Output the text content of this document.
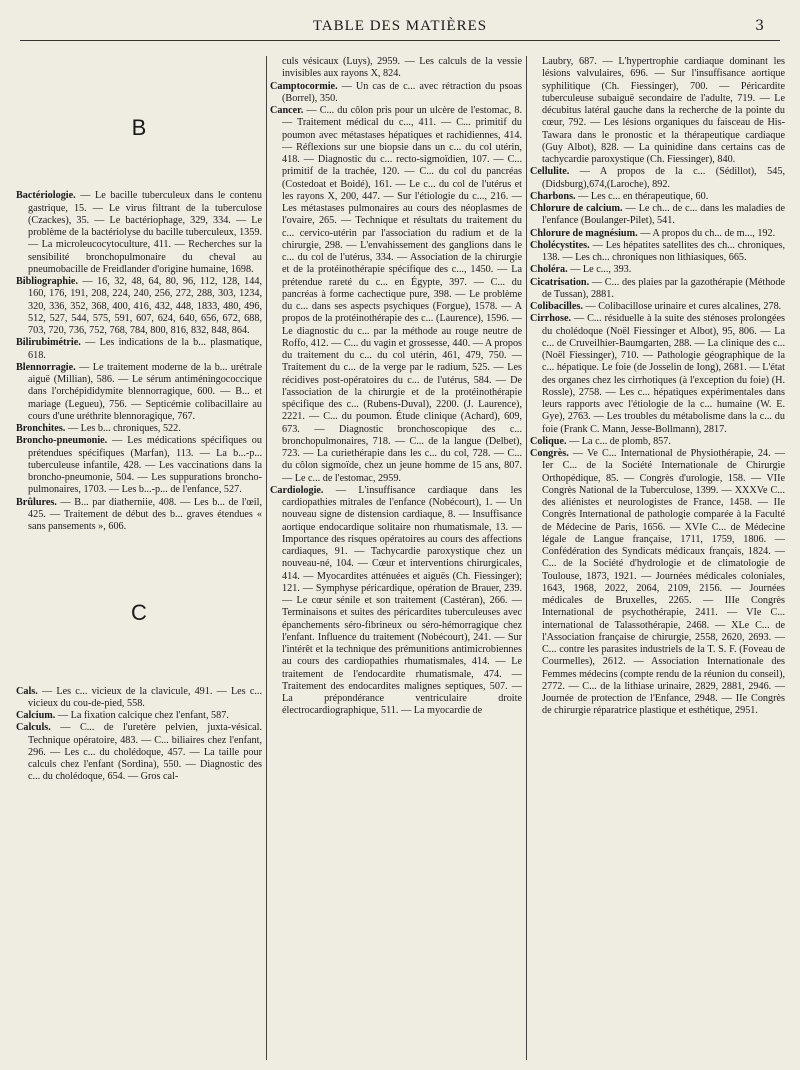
TABLE DES MATIÈRES	3
B

Bactériologie. — Le bacille tuberculeux dans le contenu gastrique, 15. — Le virus filtrant de la tuberculose (Czackes), 35. — Le bactériophage, 329, 334. — Le problème de la bactériolyse du bacille tuberculeux, 1359. — La microleucocytoculture, 411. — Recherches sur la sensibilité bronchopulmonaire du cheval au pneumobacille de Freidlander d'origine humaine, 1698.

Bibliographie. — 16, 32, 48, 64, 80, 96, 112, 128, 144, 160, 176, 191, 208, 224, 240, 256, 272, 288, 303, 1234, 320, 336, 352, 368, 400, 416, 432, 448, 1833, 480, 496, 512, 527, 544, 575, 591, 607, 624, 640, 656, 672, 688, 703, 720, 736, 752, 768, 784, 800, 816, 832, 848, 864.

Bilirubimétrie. — Les indications de la b... plasmatique, 618.

Blennorragie. — Le traitement moderne de la b... urétrale aiguë (Millian), 586. — Le sérum antiméningococcique dans l'orchépididymite blennorragique, 600. — B... et mariage (Legueu), 756. — Septicémie colibacillaire au cours d'une uréthrite blennoragique, 767.

Bronchites. — Les b... chroniques, 522.

Broncho-pneumonie. — Les médications spécifiques ou prétendues spécifiques (Marfan), 113. — La b...-p... tuberculeuse infantile, 428. — Les vaccinations dans la broncho-pneumonie, 504. — Les suppurations broncho-pulmonaires, 1703. — Les b...-p... de l'enfance, 527.

Brûlures. — B... par diatherniie, 408. — Les b... de l'œil, 425. — Traitement de début des b... graves étendues « sans pansements », 606.

C

Cals. — Les c... vicieux de la clavicule, 491. — Les c... vicieux du cou-de-pied, 558.

Calcium. — La fixation calcique chez l'enfant, 587.

Calculs. — C... de l'uretère pelvien, juxta-vésical. Technique opératoire, 483. — C... biliaires chez l'enfant, 296. — Les c... du cholédoque, 457. — La taille pour calculs chez l'enfant (Sordina), 550. — Diagnostic des c... du cholédoque, 654. — Gros cal-

culs vésicaux (Luys), 2959. — Les calculs de la vessie invisibles aux rayons X, 824.

Camptocormie. — Un cas de c... avec rétraction du psoas (Borrel), 350.

Cancer. — C... du côlon pris pour un ulcère de l'estomac, 8. — Traitement médical du c..., 411. — C... primitif du poumon avec métastases hépatiques et rachidiennes, 414. — Réflexions sur une biopsie dans un c... du col utérin, 418. — Diagnostic du c... recto-sigmoïdien, 107. — C... primitif de la trachée, 120. — C... du col du pancréas (Costedoat et Boidé), 161. — Le c... du col de l'utérus et les rayons X, 200, 447. — Sur l'étiologie du c..., 216. — Les métastases pulmonaires au cours des néoplasmes de l'ovaire, 265. — Technique et résultats du traitement du c... cervico-utérin par l'association du radium et de la chirurgie, 298. — L'envahissement des ganglions dans le c... du col de l'utérus, 334. — Association de la chirurgie et de la protéinothérapie spécifique des c..., 1450. — La prétendue rareté du c... en Égypte, 397. — C... du pancréas à forme cachectique pure, 398. — Le problème du c... dans ses aspects psychiques (Forgue), 1578. — A propos de la protéinothérapie des c... (Laurence), 1596. — Le diagnostic du c... par la méthode au rouge neutre de Roffo, 412. — C... du vagin et grossesse, 440. — A propos du traitement du c... du col utérin, 461, 479, 750. — Traitement du c... de la verge par le radium, 525. — Les récidives post-opératoires du c... de l'utérus, 584. — De l'association de la chirurgie et de la protéinothérapie spécifique des c... (Rubens-Duval), 2200. (J. Laurence), 2221. — C... du poumon. Étude clinique (Achard), 609, 673. — Diagnostic bronchoscopique des c... bronchopulmonaires, 718. — C... de la langue (Delbet), 723. — La curiethérapie dans les c... du col, 728. — C... du côlon sigmoïde, chez un jeune homme de 15 ans, 807. — Le c... de l'estomac, 2959.

Cardiologie. — L'insuffisance cardiaque dans les cardiopathies mitrales de l'enfance (Nobécourt), 1. — Un nouveau signe de distension cardiaque, 8. — Insuffisance aortique endocardique solitaire non rhumatismale, 13. — Importance des risques opératoires au cours des affections cardiaques, 91. — Tachycardie paroxystique chez un nouveau-né, 104. — Cœur et interventions chirurgicales, 414. — Myocardites atténuées et aiguës (Ch. Fiessinger); 121. — Symphyse péricardique, opération de Brauer, 239. — Le cœur sénile et son traitement (Castéran), 266. — Terminaisons et suites des péricardites tuberculeuses avec épanchements séro-fibrineux ou séro-hémorragique chez l'enfant. Influence du traitement (Nobécourt), 241. — Sur l'intérêt et la technique des prémunitions antimicrobiennes au cours des cardiopathies rhumatismales, 414. — Le traitement de l'endocardite rhumatismale, 474. — Traitement des endocardites malignes septiques, 507. — La prépondérance ventriculaire droite électrocardiographique, 511. — La myocardie de

Laubry, 687. — L'hypertrophie cardiaque dominant les lésions valvulaires, 696. — Sur l'insuffisance aortique syphilitique (Ch. Fiessinger), 700. — Péricardite tuberculeuse subaiguë secondaire de l'adulte, 719. — Le décubitus latéral gauche dans la recherche de la pointe du cœur, 792. — Les lésions organiques du faisceau de His-Tawara dans le pronostic et la thérapeutique cardiaque (Guy Albot), 828. — La quinidine dans certains cas de tachycardie paroxystique (Ch. Fiessinger), 840.

Cellulite. — A propos de la c... (Sédillot), 545,(Didsburg),674,(Laroche), 892.

Charbons. — Les c... en thérapeutique, 60.

Chlorure de calcium. — Le ch... de c... dans les maladies de l'enfance (Boulanger-Pilet), 541.

Chlorure de magnésium. — A propos du ch... de m..., 192.

Cholécystites. — Les hépatites satellites des ch... chroniques, 138. — Les ch... chroniques non lithiasiques, 665.

Choléra. — Le c..., 393.

Cicatrisation. — C... des plaies par la gazothérapie (Méthode de Tussan), 2881.

Colibacilles. — Colibacillose urinaire et cures alcalines, 278.

Cirrhose. — C... résiduelle à la suite des sténoses prolongées du cholédoque (Noël Fiessinger et Albot), 95, 806. — La c... de Cruveilhier-Baumgarten, 288. — La clinique des c... (Noël Fiessinger), 710. — Pathologie géographique de la c... hépatique. Le foie (de Josselin de Iong), 2681. — L'état des organes chez les cirrhotiques (à l'exception du foie) (H. Rossle), 2758. — Les c... hépatiques expérimentales dans leurs rapports avec l'étiologie de la c... humaine (W. E. Gye), 2763. — Les troubles du métabolisme dans la c... du foie (Frank C. Mann, Jesse-Bollmann), 2817.

Colique. — La c... de plomb, 857.

Congrès. — Ve C... International de Physiothérapie, 24. — Ier C... de la Société Internationale de Chirurgie Orthopédique, 85. — Congrès d'urologie, 158. — VIIe Congrès National de la Tuberculose, 1399. — XXXVe C... des aliénistes et neurologistes de France, 1458. — IIe Congrès International de pathologie comparée à la Faculté de Médecine de Paris, 1656. — XVIe C... de Médecine légale de Langue française, 1711, 1759, 1806. — Confédération des Syndicats médicaux français, 1824. — C... de la Société d'hydrologie et de climatologie de Toulouse, 1873, 1921. — Journées médicales coloniales, 1643, 1968, 2022, 2064, 2109, 2156. — Journées médicales de Bruxelles, 2265. — IIIe Congrès International de psychothérapie, 2411. — VIe C... international de Talassothérapie, 2468. — XLe C... de l'Association française de chirurgie, 2558, 2620, 2693. — C... contre les parasites industriels de la T. S. F. (Foveau de Courmelles), 2612. — Association Internationale des Femmes médecins (compte rendu de la réunion du conseil), 2772. — C... de la lithiase urinaire, 2829, 2881, 2946. — Journée de protection de l'Enfance, 2948. — IIe Congrès de chirurgie réparatrice plastique et esthétique, 2951.
